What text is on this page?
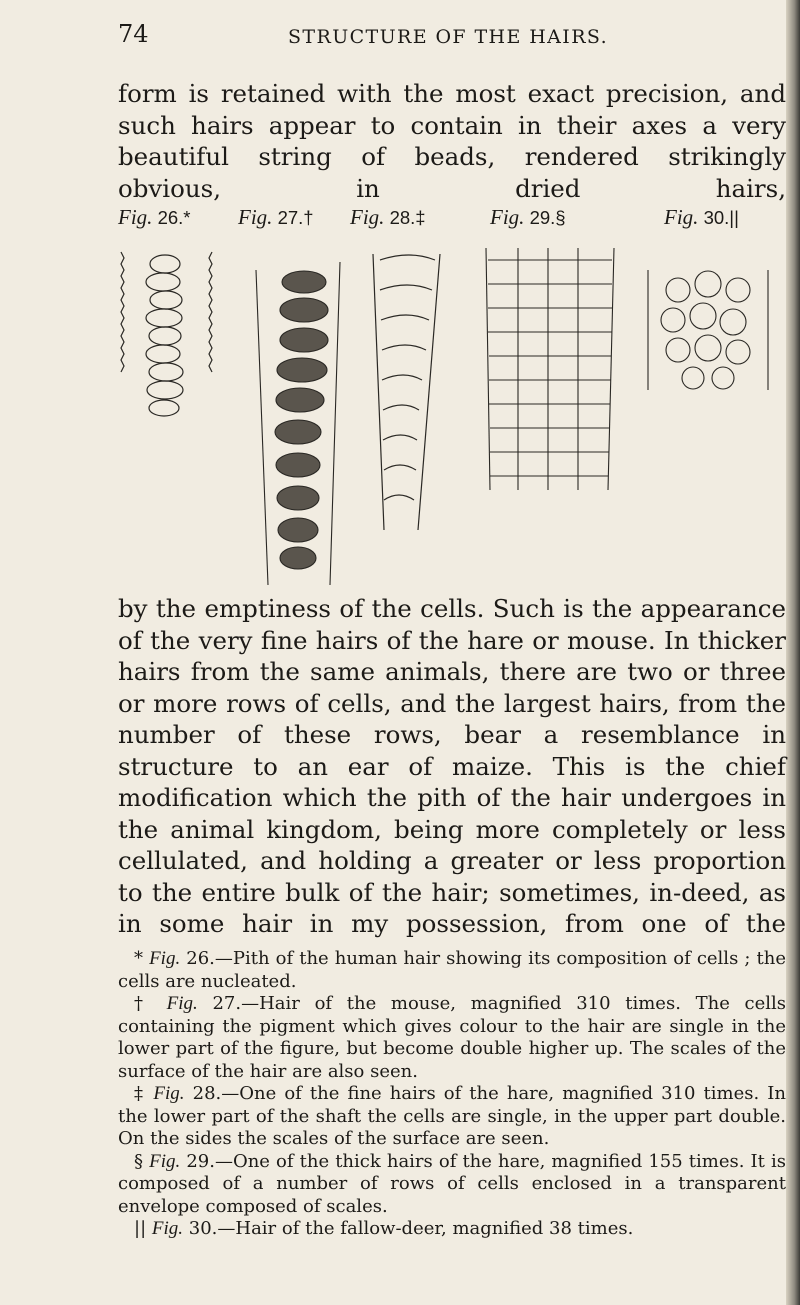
74	STRUCTURE OF THE HAIRS.

form is retained with the most exact precision, and such hairs appear to contain in their axes a very beautiful string of beads, rendered strikingly obvious, in dried hairs,

Fig. 26.* Fig. 27.† Fig. 28.‡	Fig. 29.§	Fig. 30.||

by the emptiness of the cells. Such is the appearance of the very fine hairs of the hare or mouse. In thicker hairs from the same animals, there are two or three or more rows of cells, and the largest hairs, from the number of these rows, bear a resemblance in structure to an ear of maize. This is the chief modification which the pith of the hair undergoes in the animal kingdom, being more completely or less cellulated, and holding a greater or less proportion to the entire bulk of the hair; sometimes, in-deed, as in some hair in my possession, from one of the

* Fig. 26.—Pith of the human hair showing its composition of cells ; the cells are nucleated.

† Fig. 27.—Hair of the mouse, magnified 310 times. The cells containing the pigment which gives colour to the hair are single in the lower part of the figure, but become double higher up. The scales of the surface of the hair are also seen.

‡ Fig. 28.—One of the fine hairs of the hare, magnified 310 times. In the lower part of the shaft the cells are single, in the upper part double. On the sides the scales of the surface are seen.

§ Fig. 29.—One of the thick hairs of the hare, magnified 155 times. It is composed of a number of rows of cells enclosed in a transparent envelope composed of scales.

|| Fig. 30.—Hair of the fallow-deer, magnified 38 times.
